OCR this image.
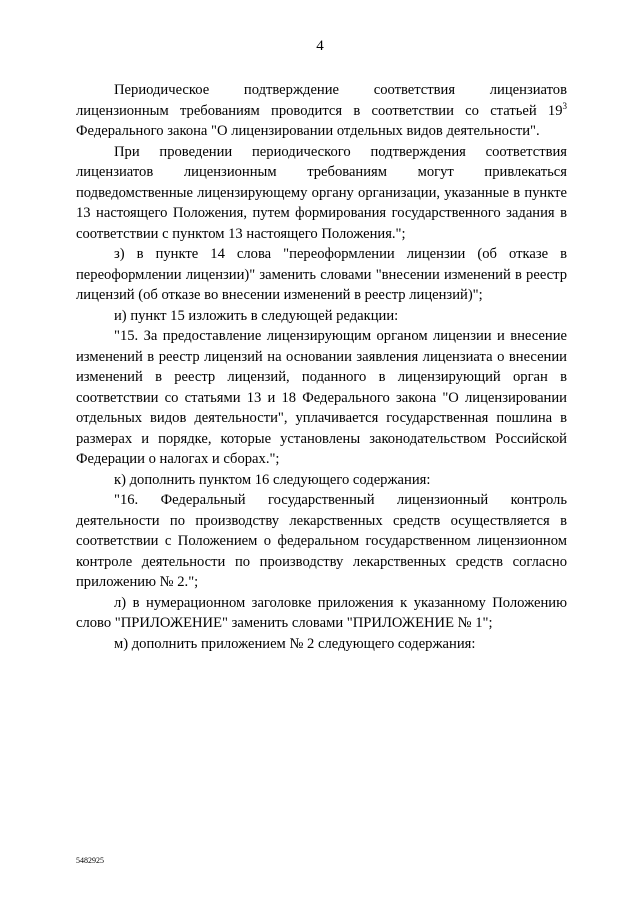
4

Периодическое подтверждение соответствия лицензиатов лицензионным требованиям проводится в соответствии со статьей $19^3$ Федерального закона "О лицензировании отдельных видов деятельности".

При проведении периодического подтверждения соответствия лицензиатов лицензионным требованиям могут привлекаться подведомственные лицензирующему органу организации, указанные в пункте 13 настоящего Положения, путем формирования государственного задания в соответствии с пунктом 13 настоящего Положения.";

з) в пункте 14 слова "переоформлении лицензии (об отказе в переоформлении лицензии)" заменить словами "внесении изменений в реестр лицензий (об отказе во внесении изменений в реестр лицензий)";

и) пункт 15 изложить в следующей редакции:

"15. За предоставление лицензирующим органом лицензии и внесение изменений в реестр лицензий на основании заявления лицензиата о внесении изменений в реестр лицензий, поданного в лицензирующий орган в соответствии со статьями 13 и 18 Федерального закона "О лицензировании отдельных видов деятельности", уплачивается государственная пошлина в размерах и порядке, которые установлены законодательством Российской Федерации о налогах и сборах.";

к) дополнить пунктом 16 следующего содержания:

"16. Федеральный государственный лицензионный контроль деятельности по производству лекарственных средств осуществляется в соответствии с Положением о федеральном государственном лицензионном контроле деятельности по производству лекарственных средств согласно приложению № 2.";

л) в нумерационном заголовке приложения к указанному Положению слово "ПРИЛОЖЕНИЕ" заменить словами "ПРИЛОЖЕНИЕ № 1";

м) дополнить приложением № 2 следующего содержания:

5482925
